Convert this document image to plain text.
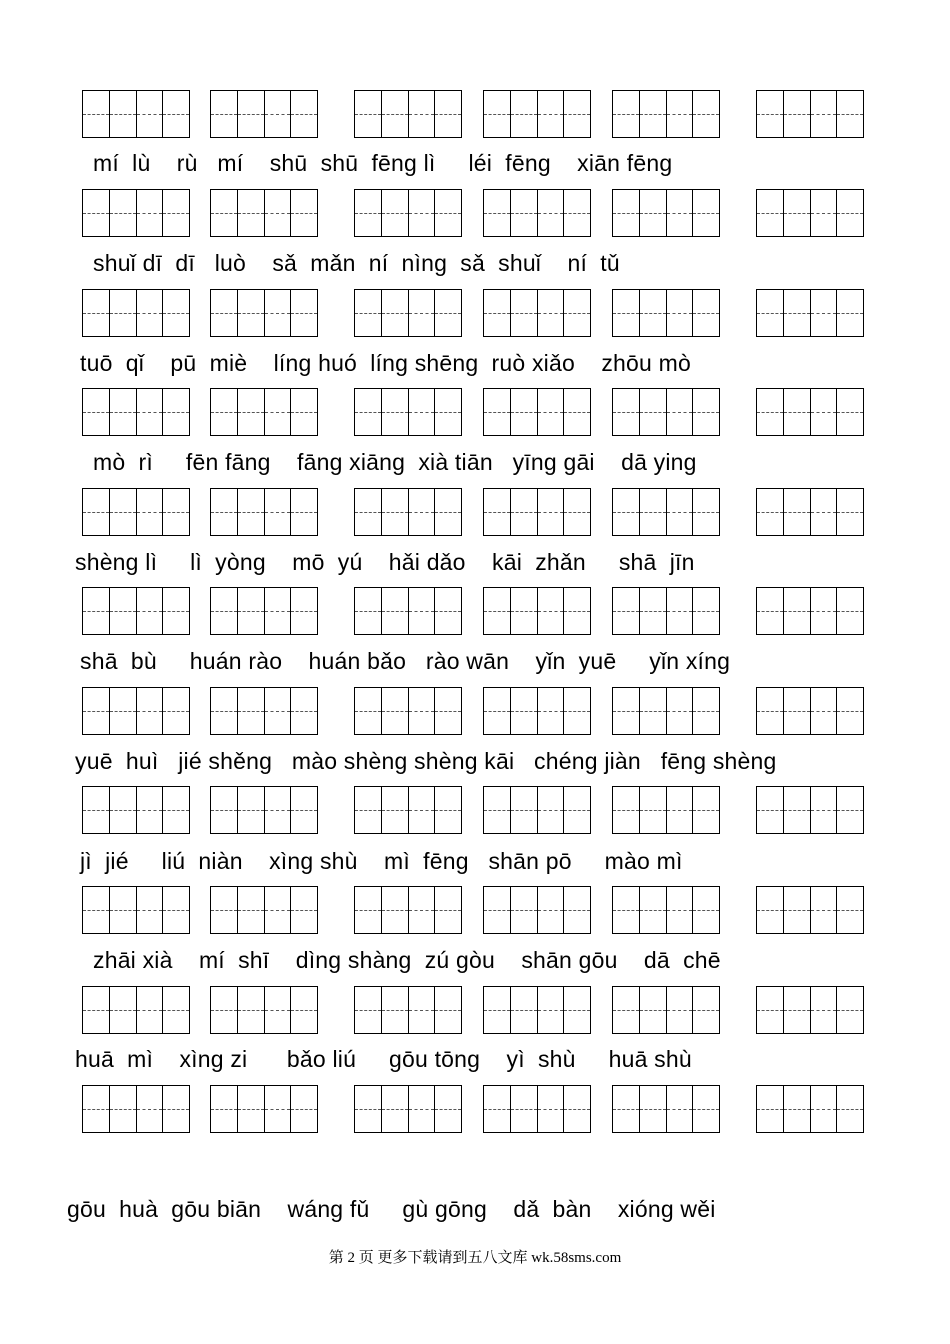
mí  lù    rù   mí    shū  shū  fēng lì     léi  fēng    xiān fēng
shuǐ dī  dī   luò    sǎ  mǎn  ní  nìng  sǎ  shuǐ    ní  tǔ
tuō  qǐ    pū  miè    líng huó  líng shēng  ruò xiǎo    zhōu mò
mò  rì     fēn fāng    fāng xiāng  xià tiān   yīng gāi    dā ying
shèng lì     lì  yòng    mō  yú    hǎi dǎo    kāi  zhǎn     shā  jīn
shā  bù     huán rào    huán bǎo   rào wān    yǐn  yuē     yǐn xíng
yuē  huì   jié shěng   mào shèng shèng kāi   chéng jiàn   fēng shèng
jì  jié     liú  niàn    xìng shù    mì  fēng   shān pō     mào mì
zhāi xià    mí  shī    dìng shàng  zú gòu    shān gōu    dā  chē
huā  mì    xìng zi      bǎo liú     gōu tōng    yì  shù     huā shù
gōu  huà  gōu biān    wáng fǔ     gù gōng    dǎ  bàn    xióng wěi
第 2 页 更多下载请到五八文库 wk.58sms.com
